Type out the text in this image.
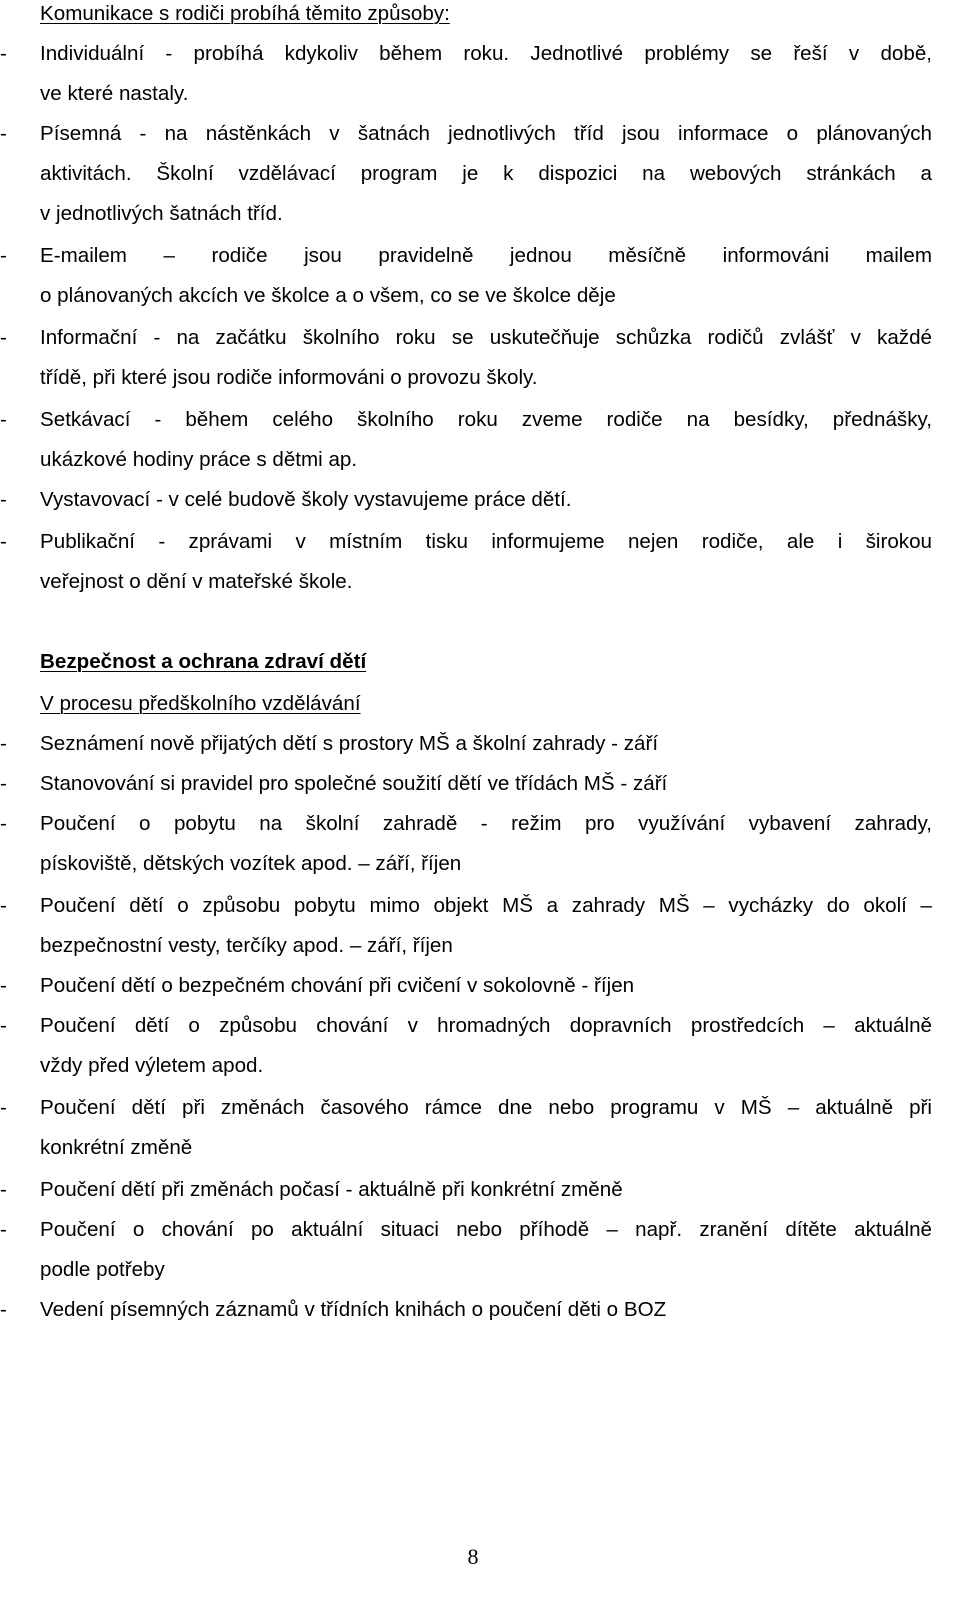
Komunikace s rodiči probíhá těmito způsoby:
- Individuální - probíhá kdykoliv během roku. Jednotlivé problémy se řeší v době,
ve které nastaly.
- Písemná - na nástěnkách v šatnách jednotlivých tříd jsou informace o plánovaných
aktivitách. Školní vzdělávací program je k dispozici na webových stránkách a
v jednotlivých šatnách tříd.
- E-mailem – rodiče jsou pravidelně jednou měsíčně informováni mailem
o plánovaných akcích ve školce a o všem, co se ve školce děje
- Informační - na začátku školního roku se uskutečňuje schůzka rodičů zvlášť v každé
třídě, při které jsou rodiče informováni o provozu školy.
- Setkávací - během celého školního roku zveme rodiče na besídky, přednášky,
ukázkové hodiny práce s dětmi ap.
- Vystavovací - v celé budově školy vystavujeme práce dětí.
- Publikační - zprávami v místním tisku informujeme nejen rodiče, ale i širokou
veřejnost o dění v mateřské škole.
Bezpečnost a ochrana zdraví dětí
V procesu předškolního vzdělávání
- Seznámení nově přijatých dětí s prostory MŠ a školní zahrady - září
- Stanovování si pravidel pro společné soužití dětí ve třídách MŠ - září
- Poučení o pobytu na školní zahradě - režim pro využívání vybavení zahrady,
pískoviště, dětských vozítek apod. – září, říjen
- Poučení dětí o způsobu pobytu mimo objekt MŠ a zahrady MŠ – vycházky do okolí –
bezpečnostní vesty, terčíky apod. – září, říjen
- Poučení dětí o bezpečném chování při cvičení v sokolovně - říjen
- Poučení dětí o způsobu chování v hromadných dopravních prostředcích – aktuálně
vždy před výletem apod.
- Poučení dětí při změnách časového rámce dne nebo programu v MŠ – aktuálně při
konkrétní změně
- Poučení dětí při změnách počasí - aktuálně při konkrétní změně
- Poučení o chování po aktuální situaci nebo příhodě – např. zranění dítěte aktuálně
podle potřeby
- Vedení písemných záznamů v třídních knihách o poučení děti o BOZ
8
